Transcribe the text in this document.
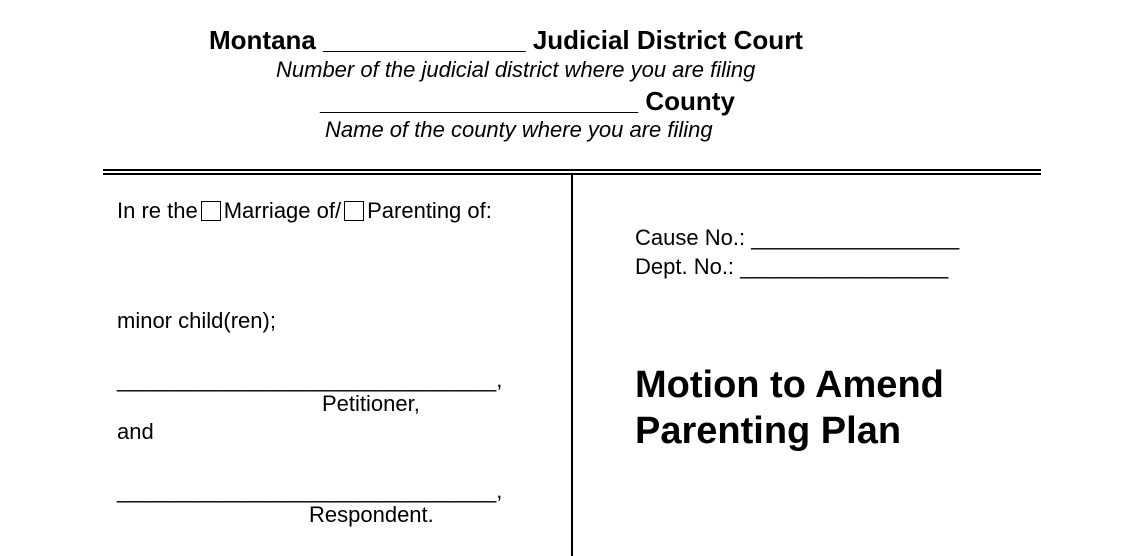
Montana ______________ Judicial District Court
Number of the judicial district where you are filing
______________________ County
Name of the county where you are filing
In re the Marriage of/ Parenting of:
minor child(ren);
_______________________________,
Petitioner,
and
_______________________________,
Respondent.
Cause No.: _________________
Dept. No.: _________________
Motion to Amend
Parenting Plan
